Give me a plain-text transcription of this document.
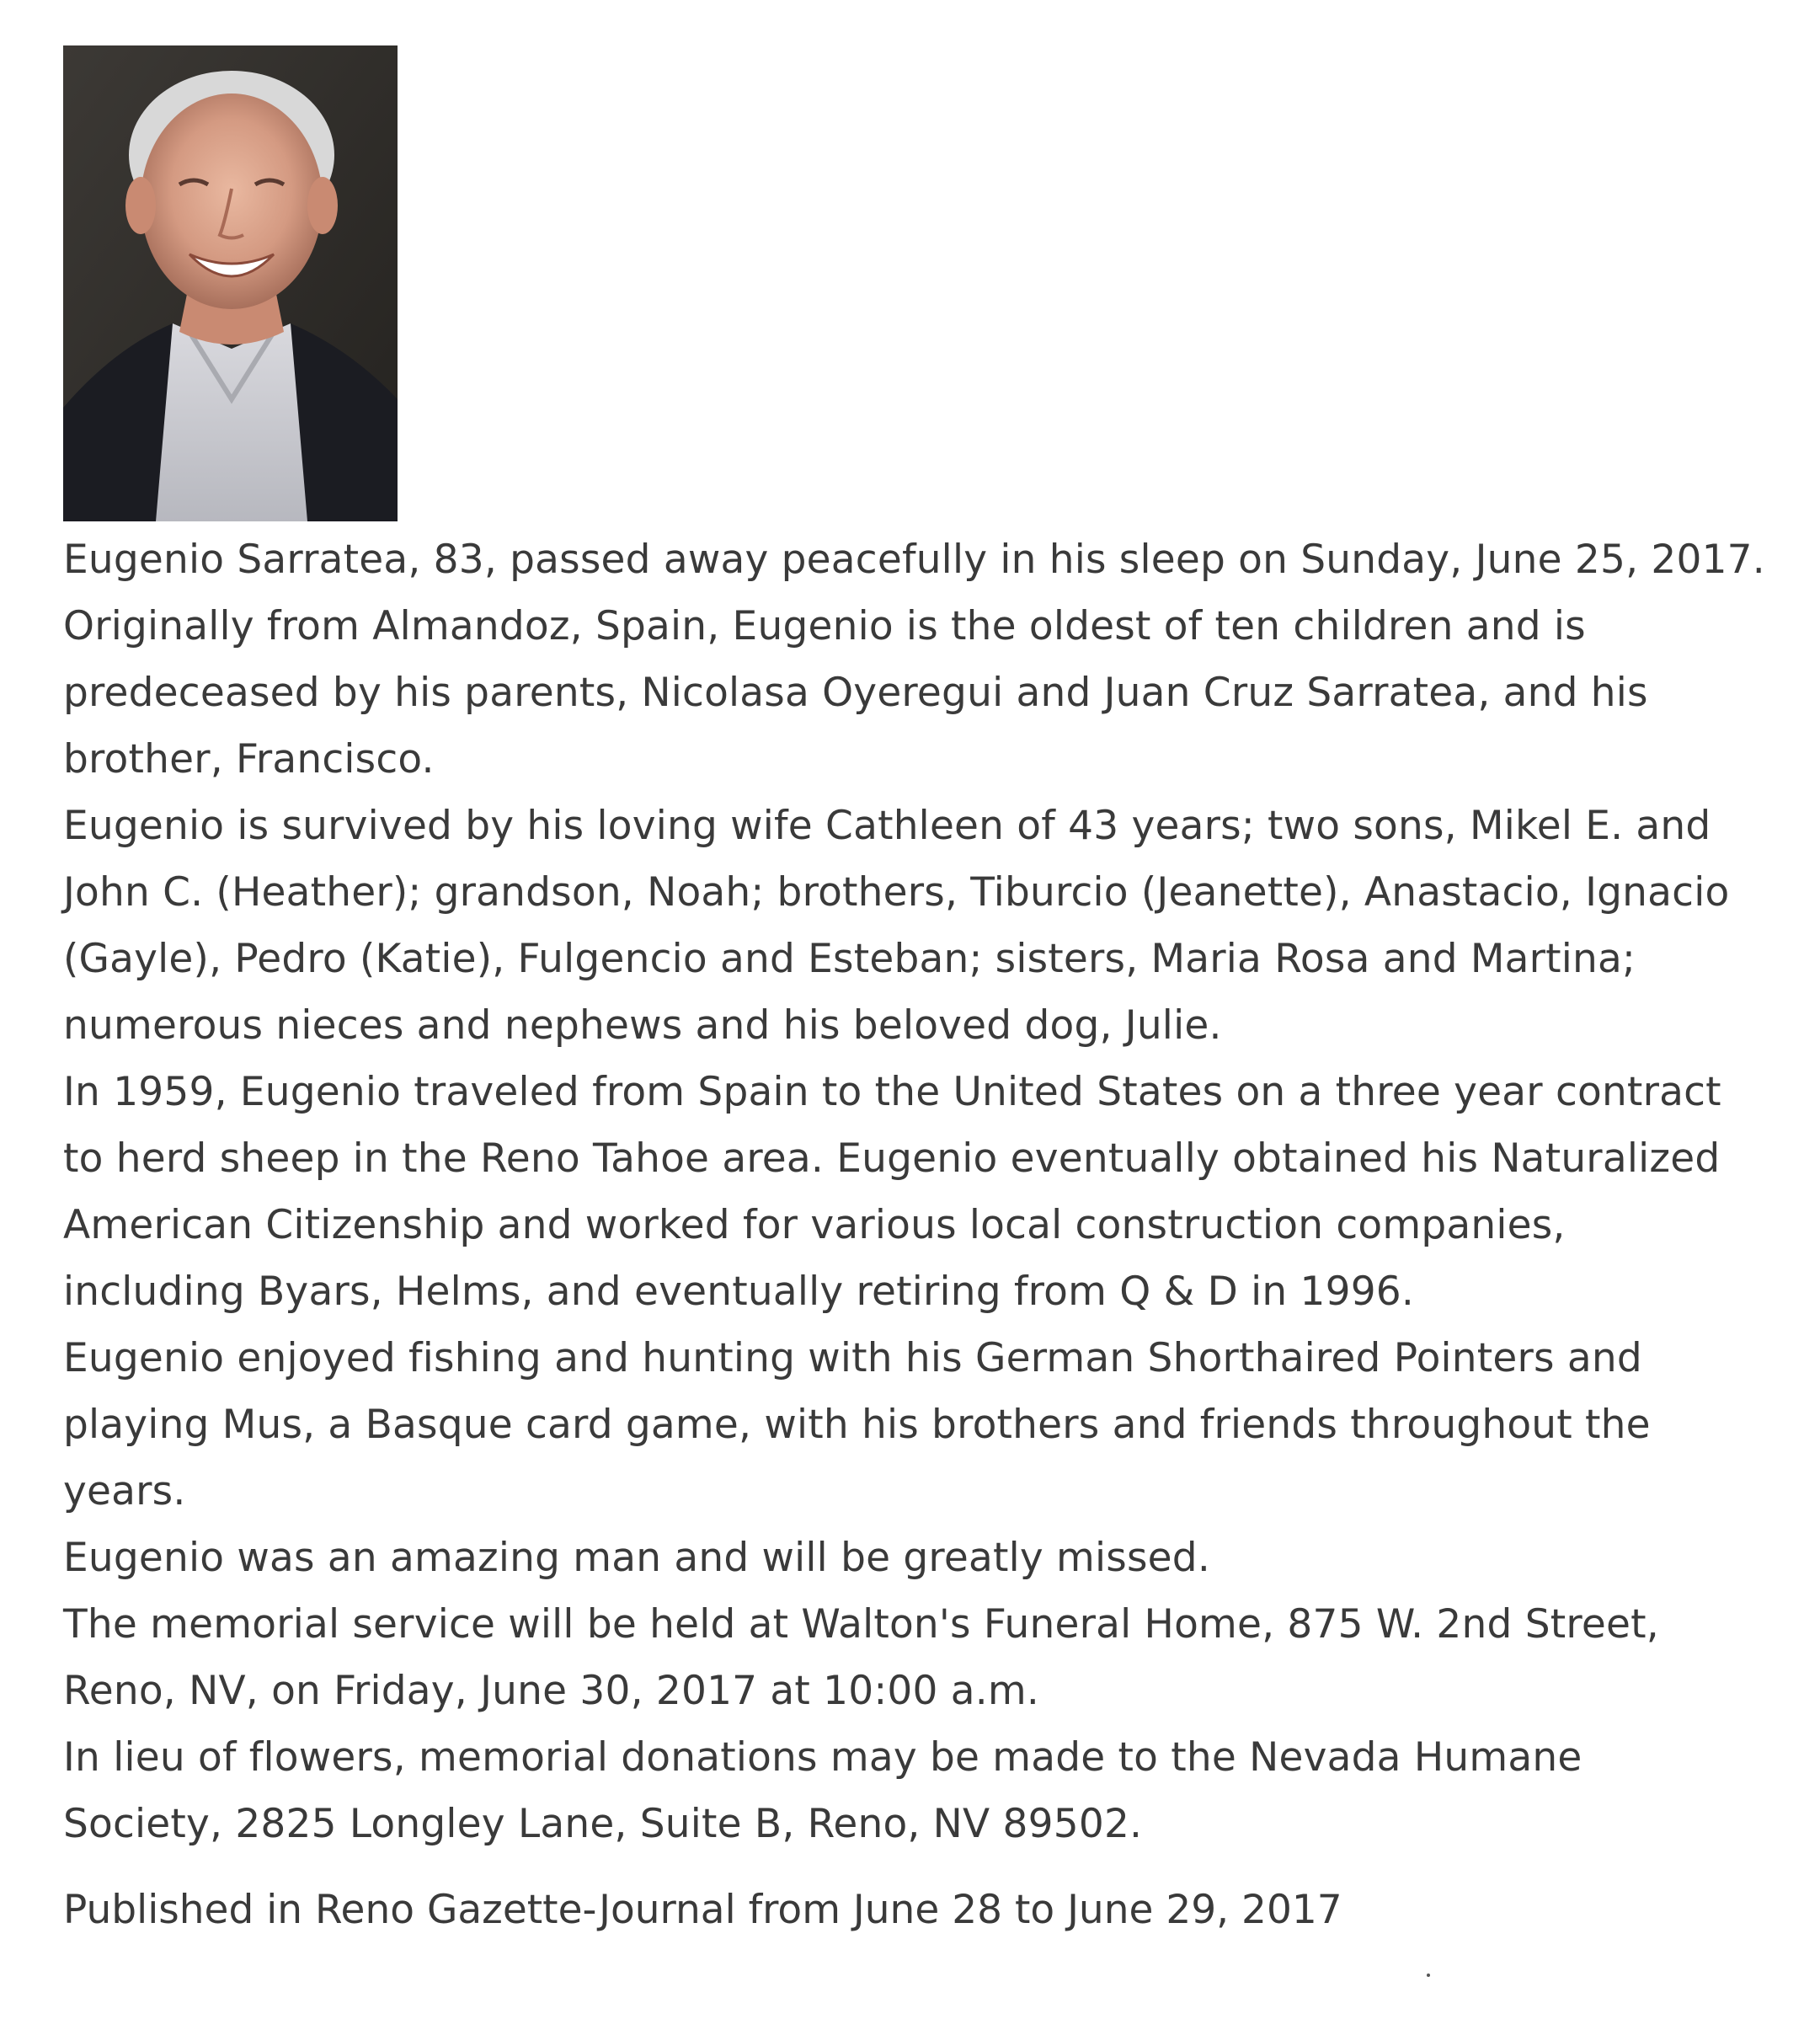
Eugenio Sarratea, 83, passed away peacefully in his sleep on Sunday, June 25, 2017.
Originally from Almandoz, Spain, Eugenio is the oldest of ten children and is
predeceased by his parents, Nicolasa Oyeregui and Juan Cruz Sarratea, and his
brother, Francisco.

Eugenio is survived by his loving wife Cathleen of 43 years; two sons, Mikel E. and
John C. (Heather); grandson, Noah; brothers, Tiburcio (Jeanette), Anastacio, Ignacio
(Gayle), Pedro (Katie), Fulgencio and Esteban; sisters, Maria Rosa and Martina;
numerous nieces and nephews and his beloved dog, Julie.

In 1959, Eugenio traveled from Spain to the United States on a three year contract
to herd sheep in the Reno Tahoe area. Eugenio eventually obtained his Naturalized
American Citizenship and worked for various local construction companies,
including Byars, Helms, and eventually retiring from Q & D in 1996.

Eugenio enjoyed fishing and hunting with his German Shorthaired Pointers and
playing Mus, a Basque card game, with his brothers and friends throughout the
years.

Eugenio was an amazing man and will be greatly missed.

The memorial service will be held at Walton's Funeral Home, 875 W. 2nd Street,
Reno, NV, on Friday, June 30, 2017 at 10:00 a.m.

In lieu of flowers, memorial donations may be made to the Nevada Humane
Society, 2825 Longley Lane, Suite B, Reno, NV 89502.

Published in Reno Gazette-Journal from June 28 to June 29, 2017
